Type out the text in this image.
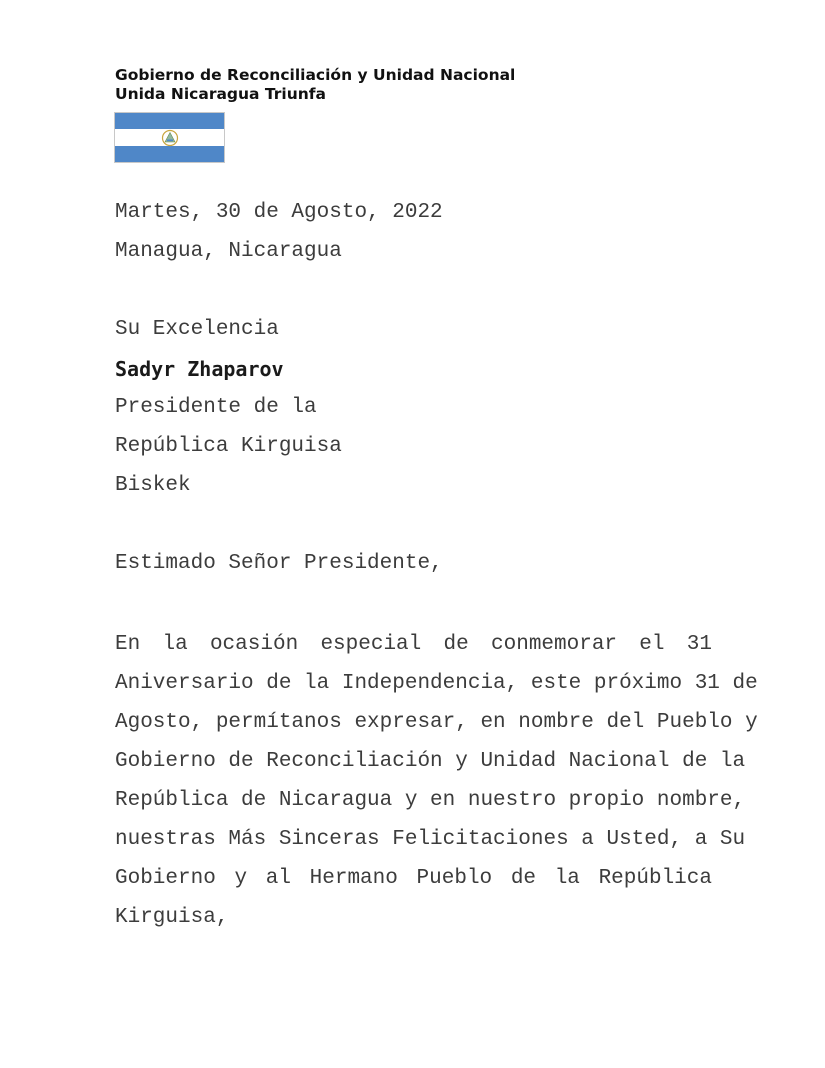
Gobierno de Reconciliación y Unidad Nacional
Unida Nicaragua Triunfa
Martes, 30 de Agosto, 2022
Managua, Nicaragua
Su Excelencia
Sadyr Zhaparov
Presidente de la
República Kirguisa
Biskek
Estimado Señor Presidente,
En la ocasión especial de conmemorar el 31
Aniversario de la Independencia, este próximo 31 de
Agosto, permítanos expresar, en nombre del Pueblo y
Gobierno de Reconciliación y Unidad Nacional de la
República de Nicaragua y en nuestro propio nombre,
nuestras Más Sinceras Felicitaciones a Usted, a Su
Gobierno y al Hermano Pueblo de la República
Kirguisa,
